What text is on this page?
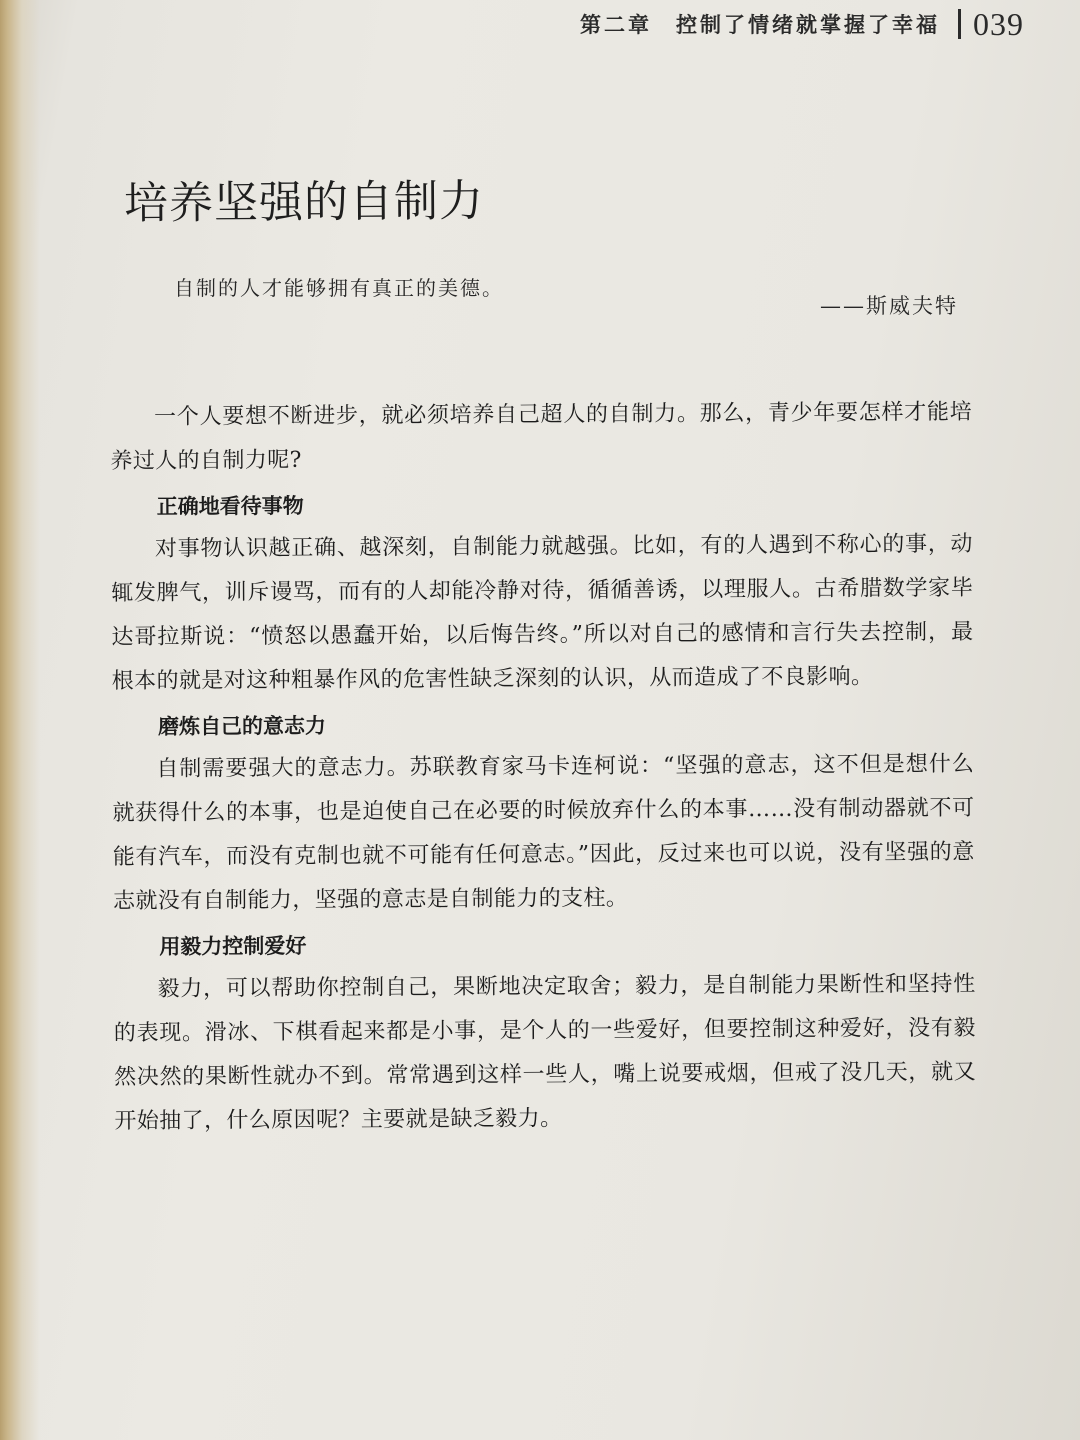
第二章　控制了情绪就掌握了幸福 039
培养坚强的自制力
自制的人才能够拥有真正的美德。
——斯威夫特

一个人要想不断进步，就必须培养自己超人的自制力。那么，青少年要怎样才能培养过人的自制力呢?

正确地看待事物

对事物认识越正确、越深刻，自制能力就越强。比如，有的人遇到不称心的事，动辄发脾气，训斥谩骂，而有的人却能冷静对待，循循善诱，以理服人。古希腊数学家毕达哥拉斯说：“愤怒以愚蠢开始，以后悔告终。”所以对自己的感情和言行失去控制，最根本的就是对这种粗暴作风的危害性缺乏深刻的认识，从而造成了不良影响。

磨炼自己的意志力

自制需要强大的意志力。苏联教育家马卡连柯说：“坚强的意志，这不但是想什么就获得什么的本事，也是迫使自己在必要的时候放弃什么的本事……没有制动器就不可能有汽车，而没有克制也就不可能有任何意志。”因此，反过来也可以说，没有坚强的意志就没有自制能力，坚强的意志是自制能力的支柱。

用毅力控制爱好

毅力，可以帮助你控制自己，果断地决定取舍；毅力，是自制能力果断性和坚持性的表现。滑冰、下棋看起来都是小事，是个人的一些爱好，但要控制这种爱好，没有毅然决然的果断性就办不到。常常遇到这样一些人，嘴上说要戒烟，但戒了没几天，就又开始抽了，什么原因呢？主要就是缺乏毅力。
